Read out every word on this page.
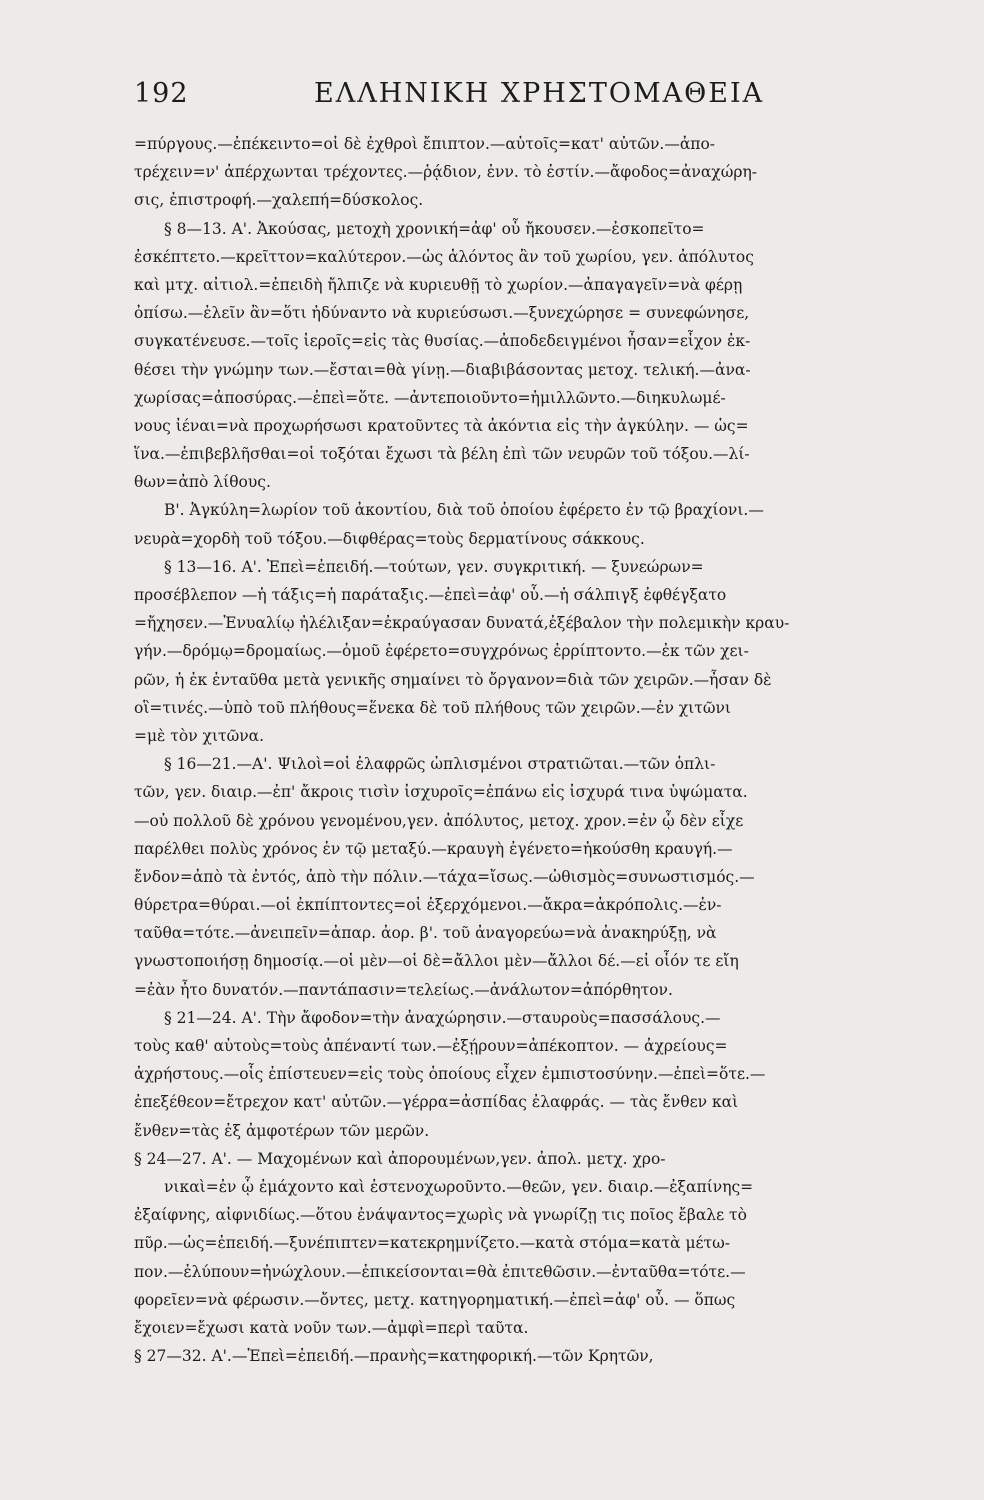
192	ΕΛΛΗΝΙΚΗ ΧΡΗΣΤΟΜΑΘΕΙΑ
=πύργους.—ἐπέκειντο=οἱ δὲ ἐχθροὶ ἔπιπτον.—αὐτοῖς=κατ' αὐτῶν.—ἀπο-
τρέχειν=ν' ἀπέρχωνται τρέχοντες.—ῥᾴδιον, ἐνν. τὸ ἐστίν.—ἄφοδος=ἀναχώρη-
σις, ἐπιστροφή.—χαλεπή=δύσκολος.
§ 8—13. Α'. Ἀκούσας, μετοχὴ χρονική=ἀφ' οὗ ἤκουσεν.—ἐσκοπεῖτο=
ἐσκέπτετο.—κρεῖττον=καλύτερον.—ὡς ἁλόντος ἂν τοῦ χωρίου, γεν. ἀπόλυτος
καὶ μτχ. αἰτιολ.=ἐπειδὴ ἤλπιζε νὰ κυριευθῇ τὸ χωρίον.—ἀπαγαγεῖν=νὰ φέρῃ
ὀπίσω.—ἑλεῖν ἂν=ὅτι ἠδύναντο νὰ κυριεύσωσι.—ξυνεχώρησε = συνεφώνησε,
συγκατένευσε.—τοῖς ἱεροῖς=εἰς τὰς θυσίας.—ἀποδεδειγμένοι ἦσαν=εἶχον ἐκ-
θέσει τὴν γνώμην των.—ἔσται=θὰ γίνῃ.—διαβιβάσοντας μετοχ. τελική.—ἀνα-
χωρίσας=ἀποσύρας.—ἐπεὶ=ὅτε. —ἀντεποιοῦντο=ἡμιλλῶντο.—διηκυλωμέ-
νους ἰέναι=νὰ προχωρήσωσι κρατοῦντες τὰ ἀκόντια εἰς τὴν ἀγκύλην. — ὡς=
ἵνα.—ἐπιβεβλῆσθαι=οἱ τοξόται ἔχωσι τὰ βέλη ἐπὶ τῶν νευρῶν τοῦ τόξου.—λί-
θων=ἀπὸ λίθους.
Β'. Ἀγκύλη=λωρίον τοῦ ἀκοντίου, διὰ τοῦ ὁποίου ἐφέρετο ἐν τῷ βραχίονι.—
νευρὰ=χορδὴ τοῦ τόξου.—διφθέρας=τοὺς δερματίνους σάκκους.
§ 13—16. Α'. Ἐπεὶ=ἐπειδή.—τούτων, γεν. συγκριτική. — ξυνεώρων=
προσέβλεπον —ἡ τάξις=ἡ παράταξις.—ἐπεὶ=ἀφ' οὗ.—ἡ σάλπιγξ ἐφθέγξατο
=ἤχησεν.—Ἐνυαλίῳ ἠλέλιξαν=ἐκραύγασαν δυνατά,ἐξέβαλον τὴν πολεμικὴν κραυ-
γήν.—δρόμῳ=δρομαίως.—ὁμοῦ ἐφέρετο=συγχρόνως ἐρρίπτοντο.—ἐκ τῶν χει-
ρῶν, ἡ ἐκ ἐνταῦθα μετὰ γενικῆς σημαίνει τὸ ὄργανον=διὰ τῶν χειρῶν.—ἦσαν δὲ
οἳ=τινές.—ὑπὸ τοῦ πλήθους=ἕνεκα δὲ τοῦ πλήθους τῶν χειρῶν.—ἐν χιτῶνι
=μὲ τὸν χιτῶνα.
§ 16—21.—Α'. Ψιλοὶ=οἱ ἐλαφρῶς ὡπλισμένοι στρατιῶται.—τῶν ὁπλι-
τῶν, γεν. διαιρ.—ἐπ' ἄκροις τισὶν ἰσχυροῖς=ἐπάνω εἰς ἰσχυρά τινα ὑψώματα.
—οὐ πολλοῦ δὲ χρόνου γενομένου,γεν. ἀπόλυτος, μετοχ. χρον.=ἐν ᾧ δὲν εἶχε
παρέλθει πολὺς χρόνος ἐν τῷ μεταξύ.—κραυγὴ ἐγένετο=ἠκούσθη κραυγή.—
ἔνδον=ἀπὸ τὰ ἐντός, ἀπὸ τὴν πόλιν.—τάχα=ἴσως.—ὠθισμὸς=συνωστισμός.—
θύρετρα=θύραι.—οἱ ἐκπίπτοντες=οἱ ἐξερχόμενοι.—ἄκρα=ἀκρόπολις.—ἐν-
ταῦθα=τότε.—ἀνειπεῖν=ἀπαρ. ἀορ. β'. τοῦ ἀναγορεύω=νὰ ἀνακηρύξῃ, νὰ
γνωστοποιήσῃ δημοσίᾳ.—οἱ μὲν—οἱ δὲ=ἄλλοι μὲν—ἄλλοι δέ.—εἰ οἷόν τε εἴη
=ἐὰν ἦτο δυνατόν.—παντάπασιν=τελείως.—ἀνάλωτον=ἀπόρθητον.
§ 21—24. Α'. Τὴν ἄφοδον=τὴν ἀναχώρησιν.—σταυροὺς=πασσάλους.—
τοὺς καθ' αὑτοὺς=τοὺς ἀπέναντί των.—ἐξῄρουν=ἀπέκοπτον. — ἀχρείους=
ἀχρήστους.—οἷς ἐπίστευεν=εἰς τοὺς ὁποίους εἶχεν ἐμπιστοσύνην.—ἐπεὶ=ὅτε.—
ἐπεξέθεον=ἔτρεχον κατ' αὐτῶν.—γέρρα=ἀσπίδας ἐλαφράς. — τὰς ἔνθεν καὶ
ἔνθεν=τὰς ἐξ ἀμφοτέρων τῶν μερῶν.
§ 24—27. Α'. — Μαχομένων καὶ ἀπορουμένων,γεν. ἀπολ. μετχ. χρο-
νικαὶ=ἐν ᾧ ἐμάχοντο καὶ ἐστενοχωροῦντο.—θεῶν, γεν. διαιρ.—ἐξαπίνης=
ἐξαίφνης, αἰφνιδίως.—ὅτου ἐνάψαντος=χωρὶς νὰ γνωρίζῃ τις ποῖος ἔβαλε τὸ
πῦρ.—ὡς=ἐπειδή.—ξυνέπιπτεν=κατεκρημνίζετο.—κατὰ στόμα=κατὰ μέτω-
πον.—ἐλύπουν=ἠνώχλουν.—ἐπικείσονται=θὰ ἐπιτεθῶσιν.—ἐνταῦθα=τότε.—
φορεῖεν=νὰ φέρωσιν.—ὄντες, μετχ. κατηγορηματική.—ἐπεὶ=ἀφ' οὗ. — ὅπως
ἔχοιεν=ἔχωσι κατὰ νοῦν των.—ἀμφὶ=περὶ ταῦτα.
§ 27—32. Α'.—Ἐπεὶ=ἐπειδή.—πρανὴς=κατηφορική.—τῶν Κρητῶν,
